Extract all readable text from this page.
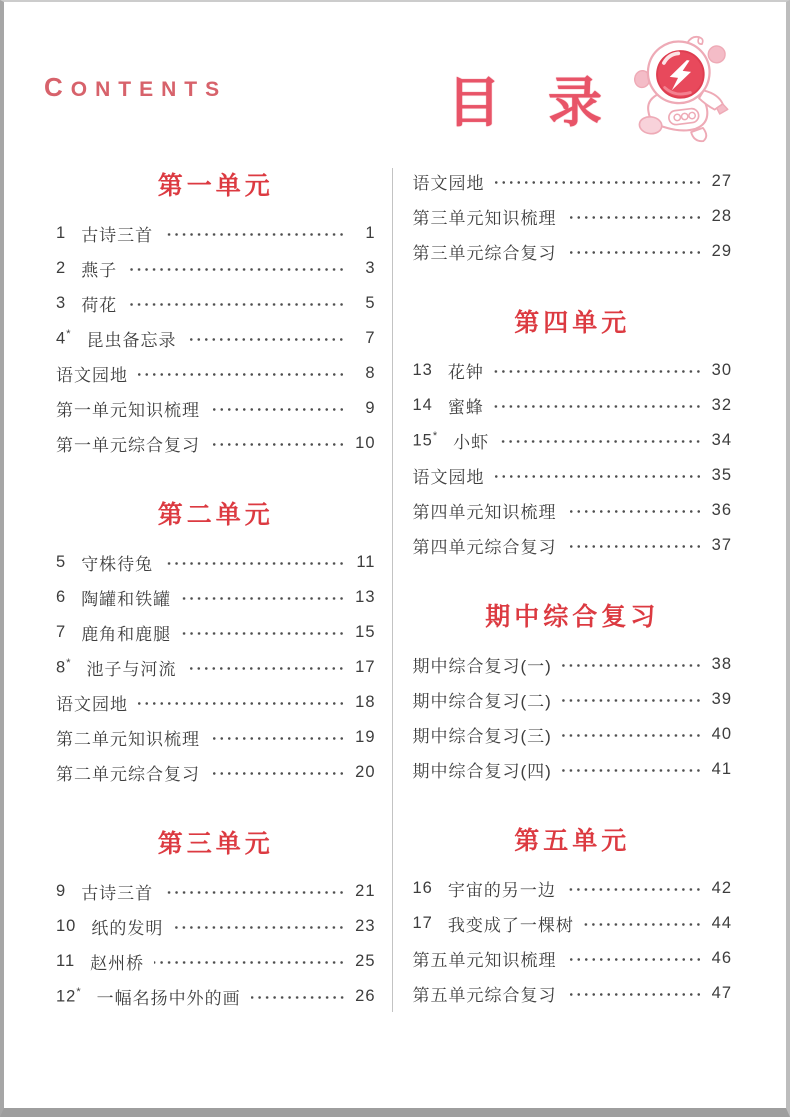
CONTENTS	目 录
第一单元
1 古诗三首	1
2 燕子	3
3 荷花	5
4* 昆虫备忘录	7
语文园地	8
第一单元知识梳理	9
第一单元综合复习	10
第二单元
5 守株待兔	11
6 陶罐和铁罐	13
7 鹿角和鹿腿	15
8* 池子与河流	17
语文园地	18
第二单元知识梳理	19
第二单元综合复习	20
第三单元
9 古诗三首	21
10 纸的发明	23
11 赵州桥	25
12* 一幅名扬中外的画	26
语文园地	27
第三单元知识梳理	28
第三单元综合复习	29
第四单元
13 花钟	30
14 蜜蜂	32
15* 小虾	34
语文园地	35
第四单元知识梳理	36
第四单元综合复习	37
期中综合复习
期中综合复习(一)	38
期中综合复习(二)	39
期中综合复习(三)	40
期中综合复习(四)	41
第五单元
16 宇宙的另一边	42
17 我变成了一棵树	44
第五单元知识梳理	46
第五单元综合复习	47
